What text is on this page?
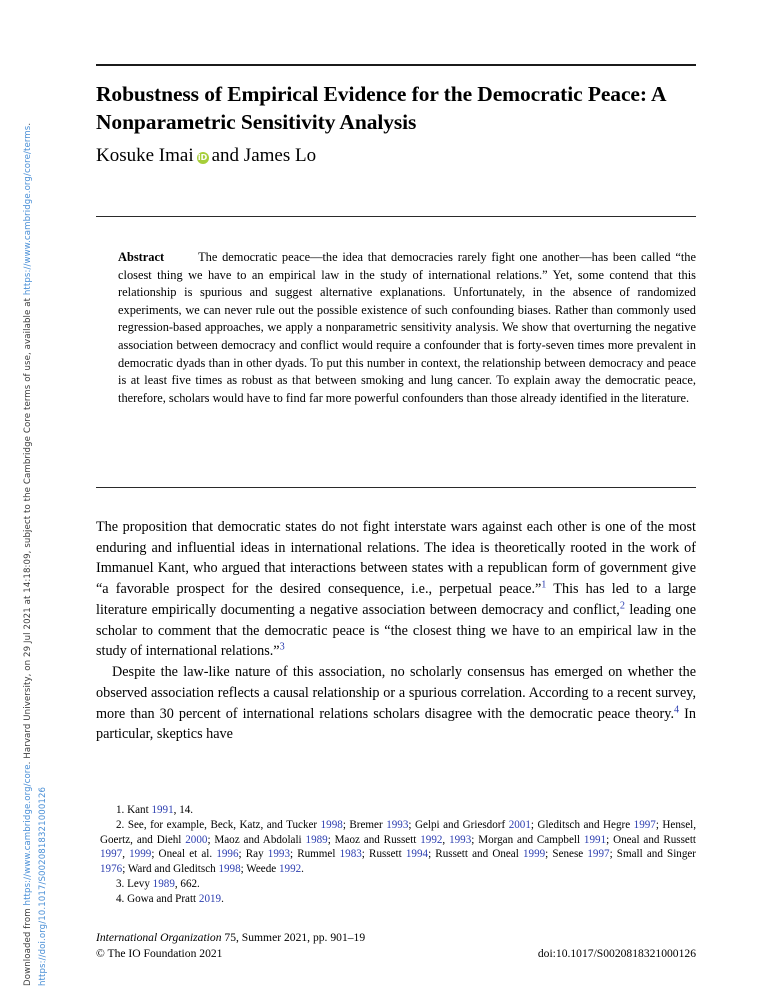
Downloaded from https://www.cambridge.org/core. Harvard University, on 29 Jul 2021 at 14:18:09, subject to the Cambridge Core terms of use, available at https://www.cambridge.org/core/terms.
https://doi.org/10.1017/S0020818321000126
Robustness of Empirical Evidence for the Democratic Peace: A Nonparametric Sensitivity Analysis
Kosuke Imai iD and James Lo

Abstract	The democratic peace—the idea that democracies rarely fight one another—has been called “the closest thing we have to an empirical law in the study of international relations.” Yet, some contend that this relationship is spurious and suggest alternative explanations. Unfortunately, in the absence of randomized experiments, we can never rule out the possible existence of such confounding biases. Rather than commonly used regression-based approaches, we apply a nonparametric sensitivity analysis. We show that overturning the negative association between democracy and conflict would require a confounder that is forty-seven times more prevalent in democratic dyads than in other dyads. To put this number in context, the relationship between democracy and peace is at least five times as robust as that between smoking and lung cancer. To explain away the democratic peace, therefore, scholars would have to find far more powerful confounders than those already identified in the literature.

The proposition that democratic states do not fight interstate wars against each other is one of the most enduring and influential ideas in international relations. The idea is theoretically rooted in the work of Immanuel Kant, who argued that interactions between states with a republican form of government give “a favorable prospect for the desired consequence, i.e., perpetual peace.”$^1$ This has led to a large literature empirically documenting a negative association between democracy and conflict,$^2$ leading one scholar to comment that the democratic peace is “the closest thing we have to an empirical law in the study of international relations.”$^3$

Despite the law-like nature of this association, no scholarly consensus has emerged on whether the observed association reflects a causal relationship or a spurious correlation. According to a recent survey, more than 30 percent of international relations scholars disagree with the democratic peace theory.$^4$ In particular, skeptics have

1. Kant 1991, 14.

2. See, for example, Beck, Katz, and Tucker 1998; Bremer 1993; Gelpi and Griesdorf 2001; Gleditsch and Hegre 1997; Hensel, Goertz, and Diehl 2000; Maoz and Abdolali 1989; Maoz and Russett 1992, 1993; Morgan and Campbell 1991; Oneal and Russett 1997, 1999; Oneal et al. 1996; Ray 1993; Rummel 1983; Russett 1994; Russett and Oneal 1999; Senese 1997; Small and Singer 1976; Ward and Gleditsch 1998; Weede 1992.

3. Levy 1989, 662.

4. Gowa and Pratt 2019.

International Organization 75, Summer 2021, pp. 901–19
© The IO Foundation 2021	doi:10.1017/S0020818321000126
